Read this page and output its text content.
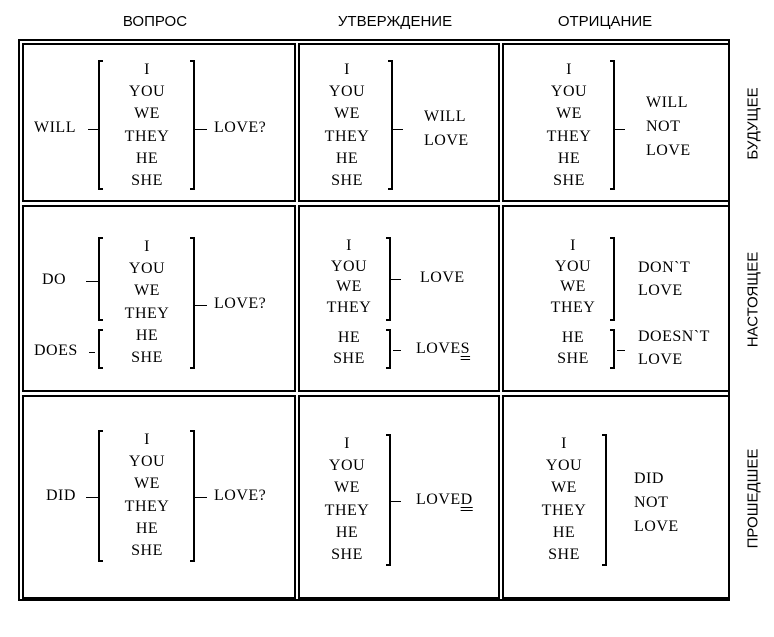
ВОПРОС	УТВЕРЖДЕНИЕ	ОТРИЦАНИЕ
БУДУЩЕЕ
НАСТОЯЩЕЕ
ПРОШЕДШЕЕ
WILL
I
YOU
WE
THEY
HE
SHE
LOVE?
I
YOU
WE
THEY
HE
SHE
WILL
LOVE
I
YOU
WE
THEY
HE
SHE
WILL
NOT
LOVE
DO
DOES
I
YOU
WE
THEY
HE
SHE
LOVE?
I
YOU
WE
THEY
LOVE
HE
SHE
LOVES
I
YOU
WE
THEY
DON`T
LOVE
HE
SHE
DOESN`T
LOVE
DID
I
YOU
WE
THEY
HE
SHE
LOVE?
I
YOU
WE
THEY
HE
SHE
LOVED
I
YOU
WE
THEY
HE
SHE
DID
NOT
LOVE
